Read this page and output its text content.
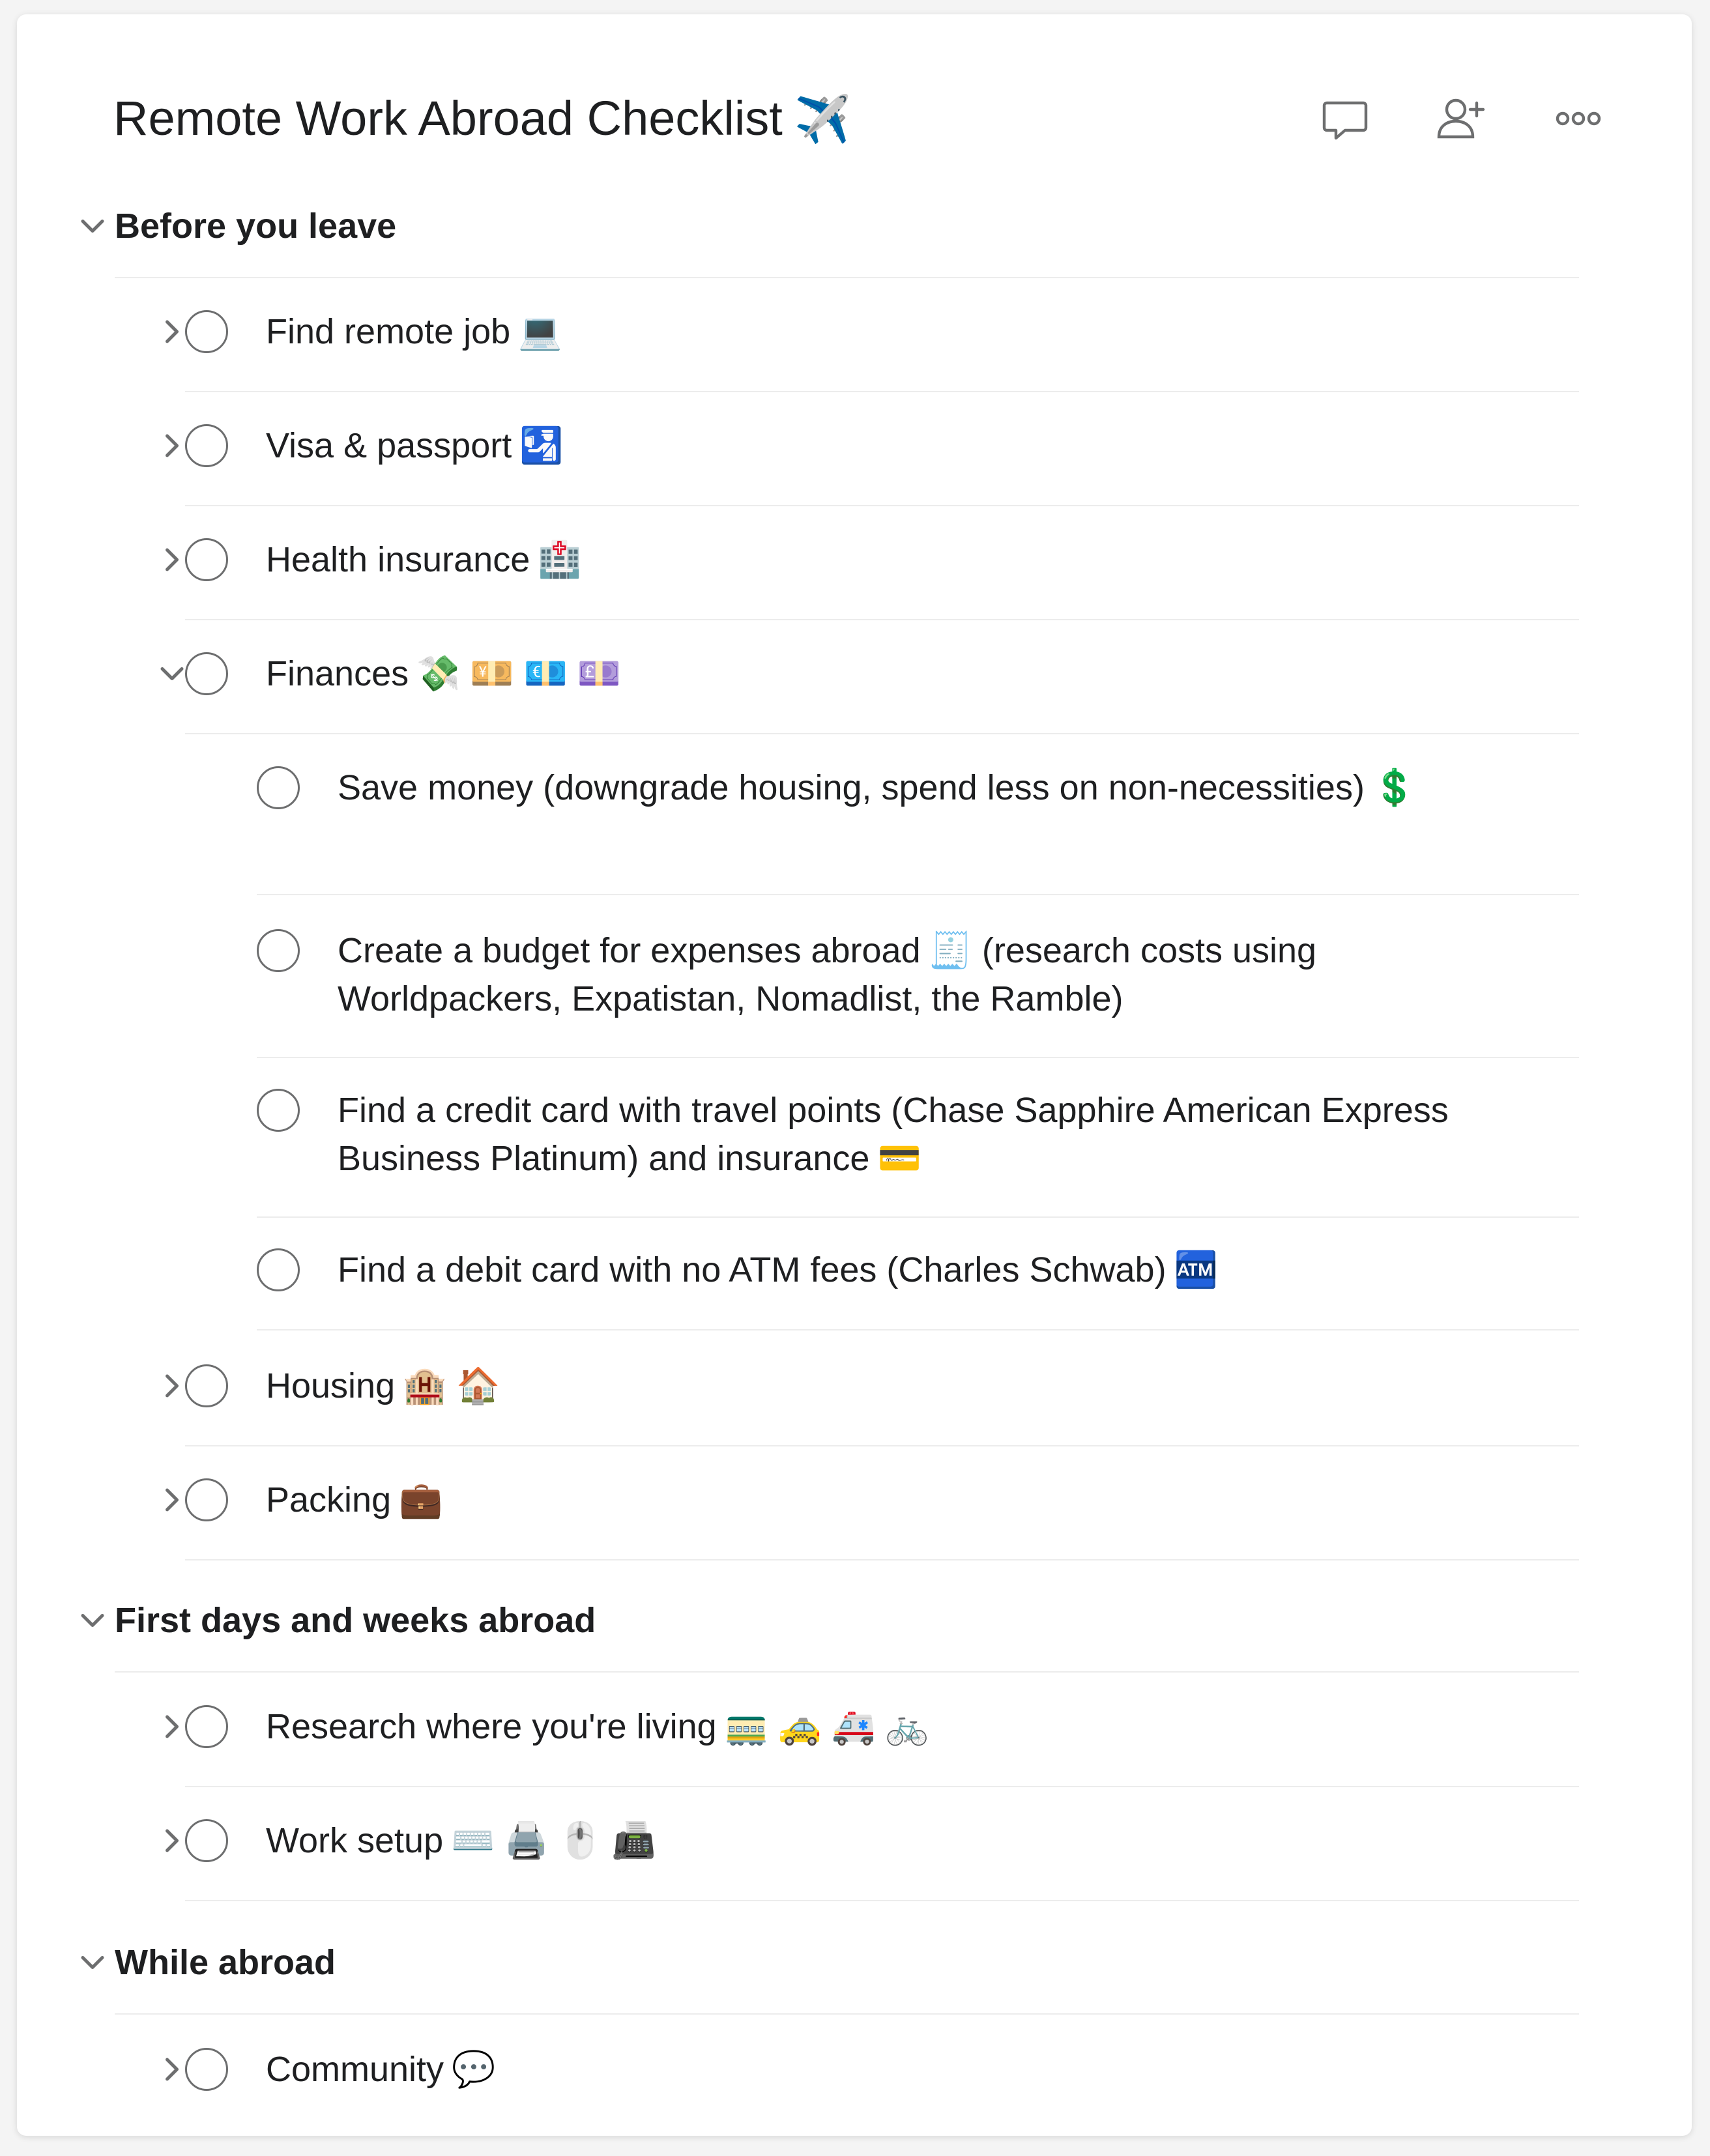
Remote Work Abroad Checklist ✈️
Before you leave
Find remote job 💻
Visa & passport 🛂
Health insurance 🏥
Finances 💸 💴 💶 💷
Save money (downgrade housing, spend less on non-necessities) 💲
Create a budget for expenses abroad 🧾 (research costs using Worldpackers, Expatistan, Nomadlist, the Ramble)
Find a credit card with travel points (Chase Sapphire American Express Business Platinum) and insurance 💳
Find a debit card with no ATM fees (Charles Schwab) 🏧
Housing 🏨 🏠
Packing 💼
First days and weeks abroad
Research where you're living 🚃 🚕 🚑 🚲
Work setup ⌨️ 🖨️ 🖱️ 📠
While abroad
Community 💬
